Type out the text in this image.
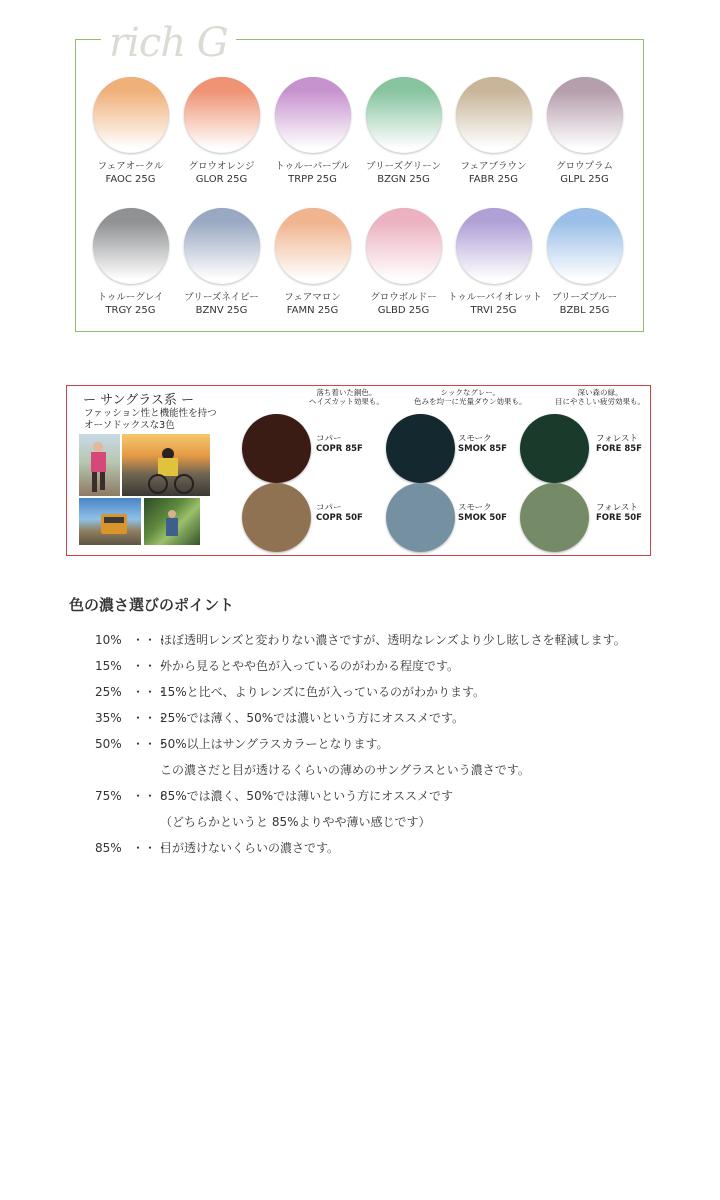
rich G
フェアオークル
FAOC 25G
グロウオレンジ
GLOR 25G
トゥルーパープル
TRPP 25G
ブリーズグリーン
BZGN 25G
フェアブラウン
FABR 25G
グロウプラム
GLPL 25G
トゥルーグレイ
TRGY 25G
ブリーズネイビー
BZNV 25G
フェアマロン
FAMN 25G
グロウボルドー
GLBD 25G
トゥルーバイオレット
TRVI 25G
ブリーズブルー
BZBL 25G
ー サングラス系 ー
ファッション性と機能性を持つ
オーソドックスな3色
落ち着いた銅色。
ヘイズカット効果も。
シックなグレー。
色みを均一に光量ダウン効果も。
深い森の緑。
目にやさしい疲労効果も。
コパー
COPR 85F
スモーク
SMOK 85F
フォレスト
FORE 85F
コパー
COPR 50F
スモーク
SMOK 50F
フォレスト
FORE 50F
色の濃さ選びのポイント
10% ・・・ほぼ透明レンズと変わりない濃さですが、透明なレンズより少し眩しさを軽減します。
15% ・・・外から見るとやや色が入っているのがわかる程度です。
25% ・・・15%と比べ、よりレンズに色が入っているのがわかります。
35% ・・・25%では薄く、50%では濃いという方にオススメです。
50% ・・・50%以上はサングラスカラーとなります。
75% ・・・85%では濃く、50%では薄いという方にオススメです
85% ・・・目が透けないくらいの濃さです。
この濃さだと目が透けるくらいの薄めのサングラスという濃さです。
（どちらかというと 85%よりやや薄い感じです）
